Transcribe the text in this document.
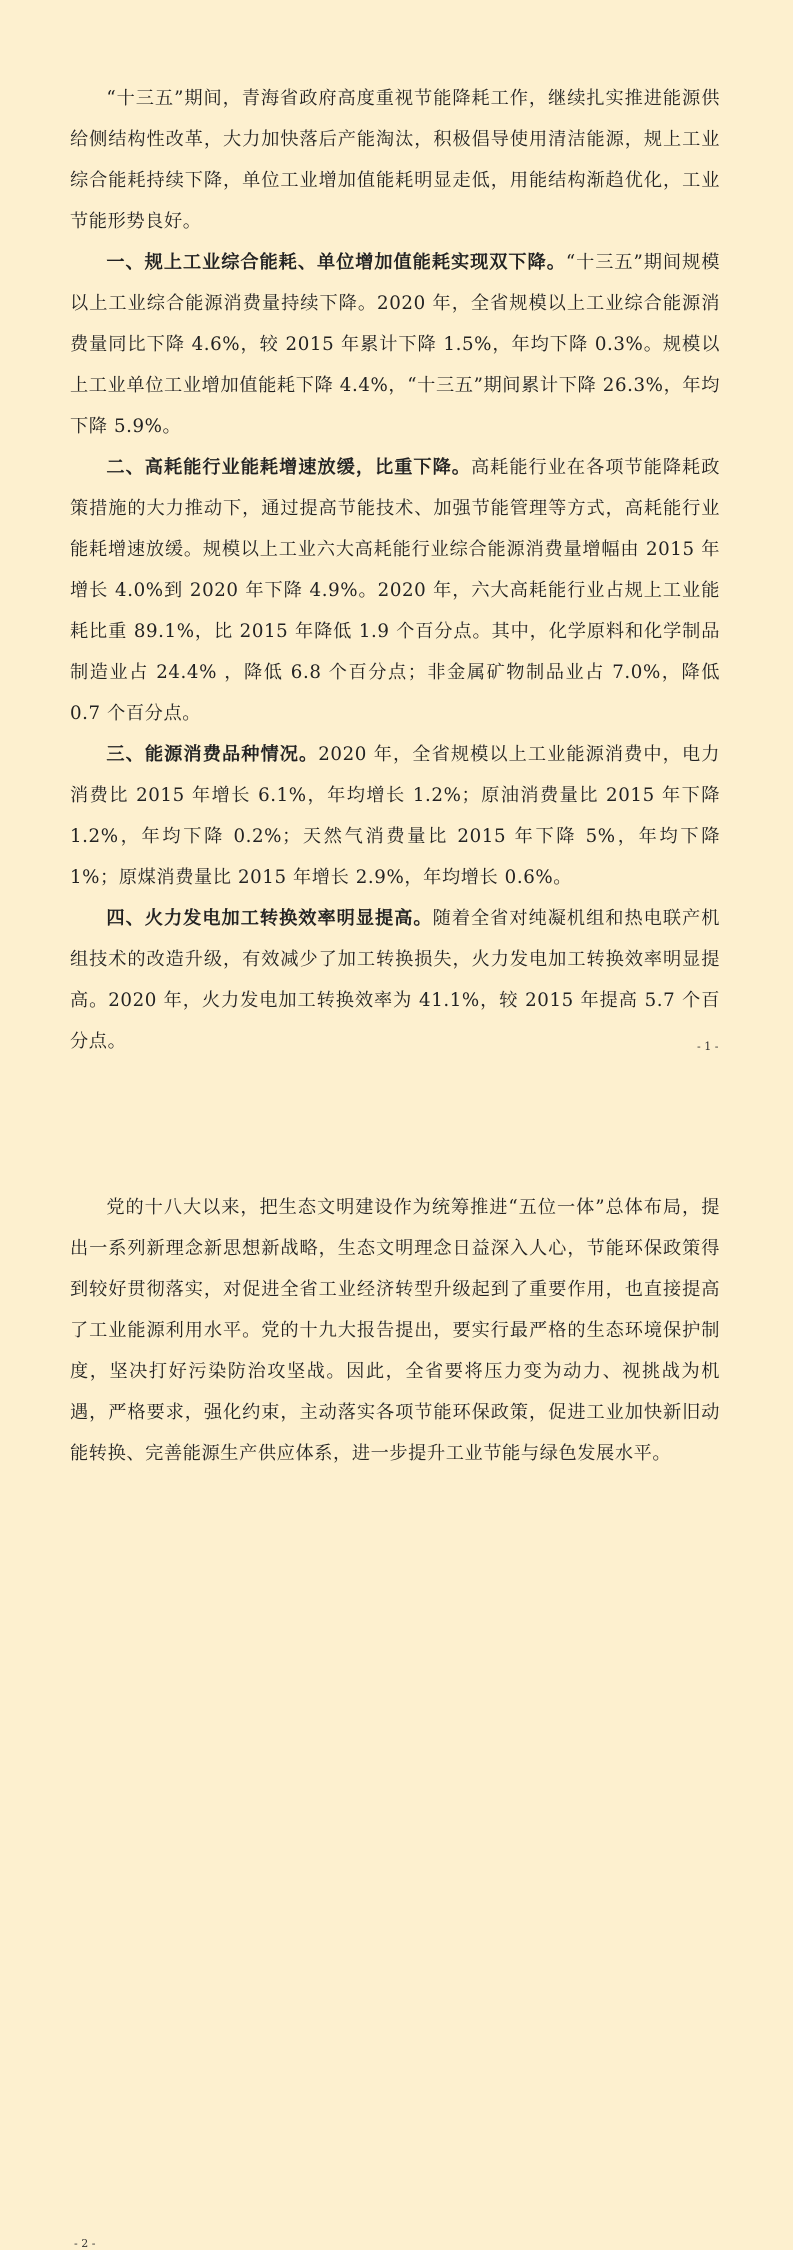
“十三五”期间，青海省政府高度重视节能降耗工作，继续扎实推进能源供给侧结构性改革，大力加快落后产能淘汰，积极倡导使用清洁能源，规上工业综合能耗持续下降，单位工业增加值能耗明显走低，用能结构渐趋优化，工业节能形势良好。

一、规上工业综合能耗、单位增加值能耗实现双下降。“十三五”期间规模以上工业综合能源消费量持续下降。2020 年，全省规模以上工业综合能源消费量同比下降 4.6%，较 2015 年累计下降 1.5%，年均下降 0.3%。规模以上工业单位工业增加值能耗下降 4.4%，“十三五”期间累计下降 26.3%，年均下降 5.9%。

二、高耗能行业能耗增速放缓，比重下降。高耗能行业在各项节能降耗政策措施的大力推动下，通过提高节能技术、加强节能管理等方式，高耗能行业能耗增速放缓。规模以上工业六大高耗能行业综合能源消费量增幅由 2015 年增长 4.0%到 2020 年下降 4.9%。2020 年，六大高耗能行业占规上工业能耗比重 89.1%，比 2015 年降低 1.9 个百分点。其中，化学原料和化学制品制造业占 24.4% ，降低 6.8 个百分点；非金属矿物制品业占 7.0%，降低 0.7 个百分点。

三、能源消费品种情况。2020 年，全省规模以上工业能源消费中，电力消费比 2015 年增长 6.1%，年均增长 1.2%；原油消费量比 2015 年下降 1.2%，年均下降 0.2%；天然气消费量比 2015 年下降 5%，年均下降 1%；原煤消费量比 2015 年增长 2.9%，年均增长 0.6%。

四、火力发电加工转换效率明显提高。随着全省对纯凝机组和热电联产机组技术的改造升级，有效减少了加工转换损失，火力发电加工转换效率明显提高。2020 年，火力发电加工转换效率为 41.1%，较 2015 年提高 5.7 个百分点。	- 1 -

党的十八大以来，把生态文明建设作为统筹推进“五位一体”总体布局，提出一系列新理念新思想新战略，生态文明理念日益深入人心，节能环保政策得到较好贯彻落实，对促进全省工业经济转型升级起到了重要作用，也直接提高了工业能源利用水平。党的十九大报告提出，要实行最严格的生态环境保护制度，坚决打好污染防治攻坚战。因此，全省要将压力变为动力、视挑战为机遇，严格要求，强化约束，主动落实各项节能环保政策，促进工业加快新旧动能转换、完善能源生产供应体系，进一步提升工业节能与绿色发展水平。

- 2 -
